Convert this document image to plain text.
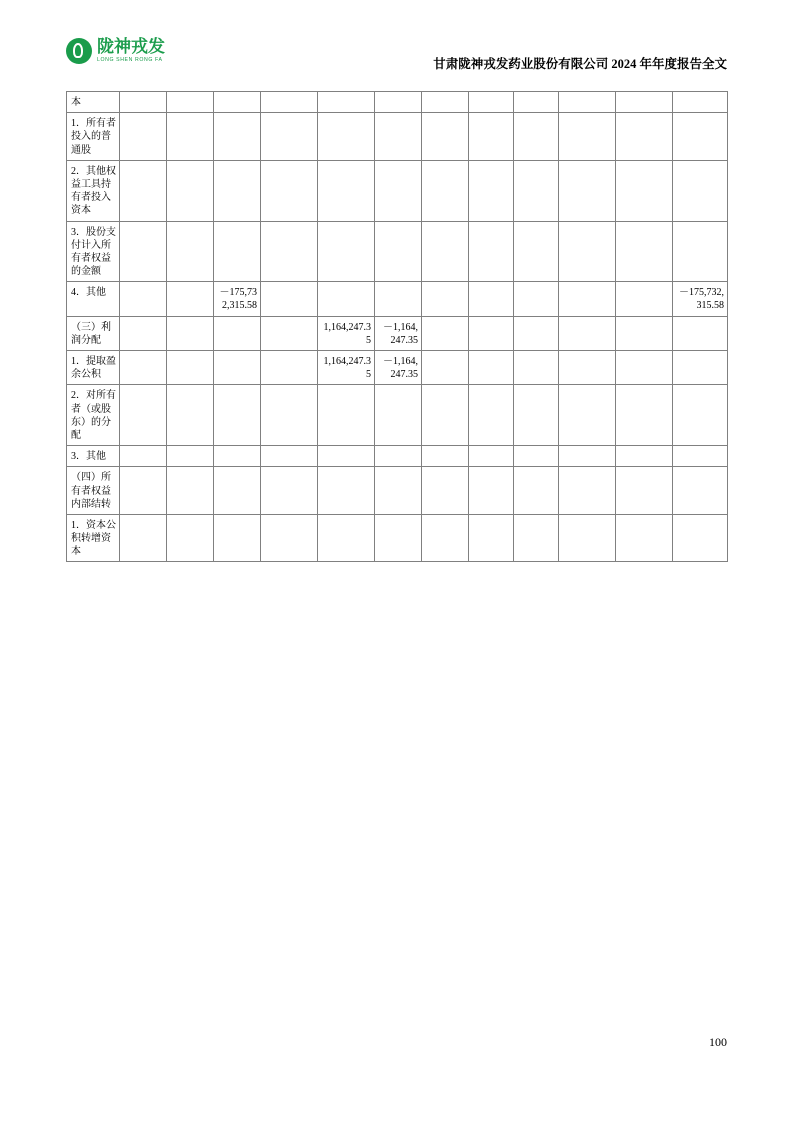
陇神戎发
LONG SHEN RONG FA	甘肃陇神戎发药业股份有限公司 2024 年年度报告全文
本												
1．所有者投入的普通股												
2．其他权益工具持有者投入资本												
3．股份支付计入所有者权益的金额												
4．其他			－175,732,315.58									－175,732,315.58
（三）利润分配					1,164,247.35	－1,164,247.35						
1．提取盈余公积					1,164,247.35	－1,164,247.35						
2．对所有者（或股东）的分配												
3．其他												
（四）所有者权益内部结转												
1．资本公积转增资本												
100
